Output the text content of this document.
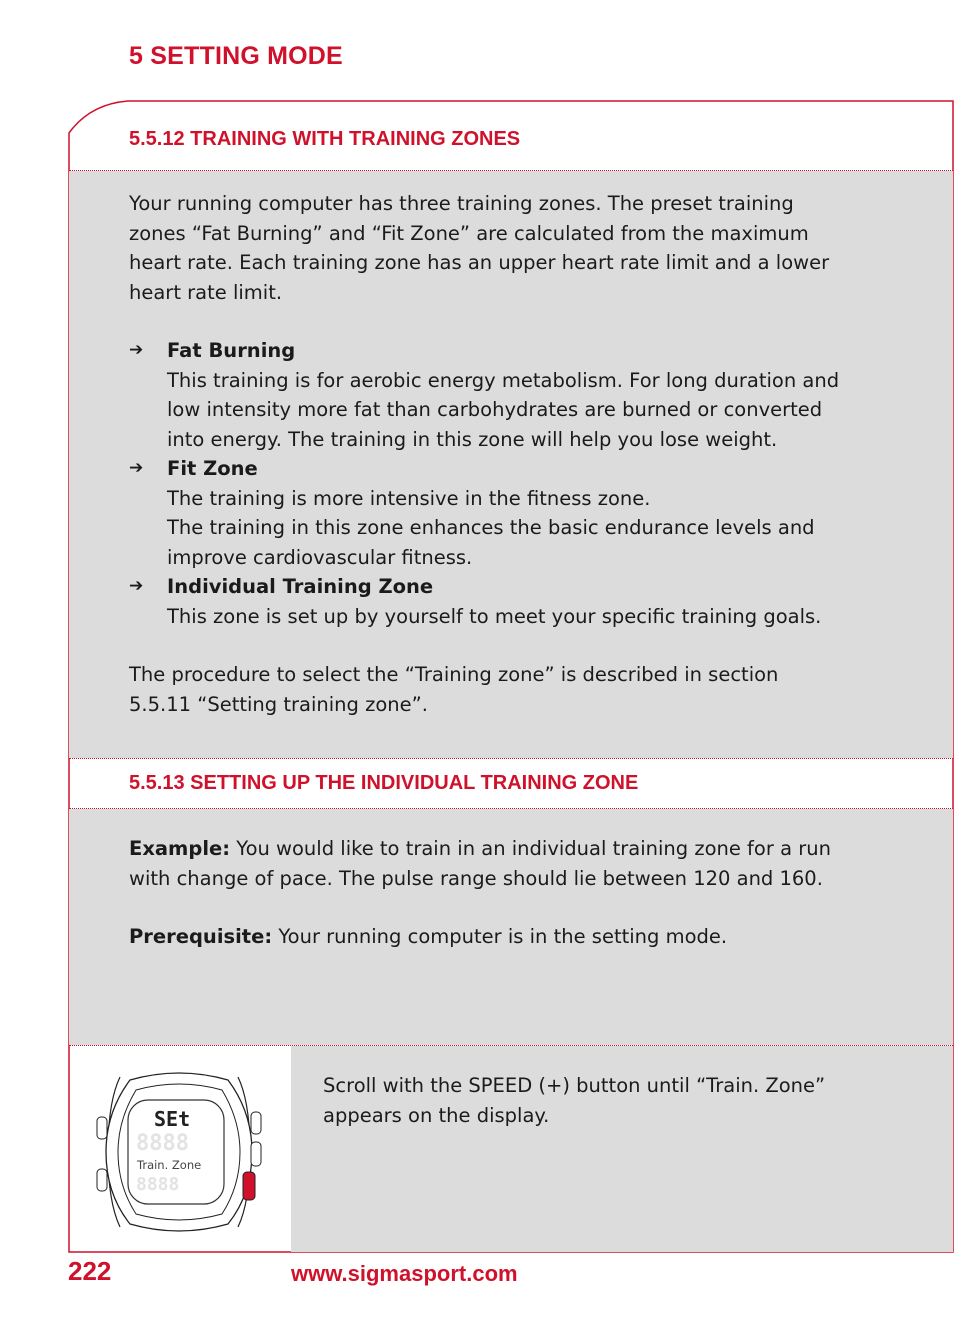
5 SETTING MODE
5.5.12 TRAINING WITH TRAINING ZONES
Your running computer has three training zones. The preset training
zones “Fat Burning” and “Fit Zone” are calculated from the maximum
heart rate. Each training zone has an upper heart rate limit and a lower
heart rate limit.
➔ Fat Burning
This training is for aerobic energy metabolism. For long duration and
low intensity more fat than carbohydrates are burned or converted
into energy. The training in this zone will help you lose weight.
➔ Fit Zone
The training is more intensive in the fitness zone.
The training in this zone enhances the basic endurance levels and
improve cardiovascular fitness.
➔ Individual Training Zone
This zone is set up by yourself to meet your specific training goals.
The procedure to select the “Training zone” is described in section
5.5.11 “Setting training zone”.
5.5.13 SETTING UP THE INDIVIDUAL TRAINING ZONE
Example: You would like to train in an individual training zone for a run
with change of pace. The pulse range should lie between 120 and 160.
Prerequisite: Your running computer is in the setting mode.
Scroll with the SPEED (+) button until “Train. Zone”
appears on the display.
SEt
8888
Train. Zone
8888
222	www.sigmasport.com
